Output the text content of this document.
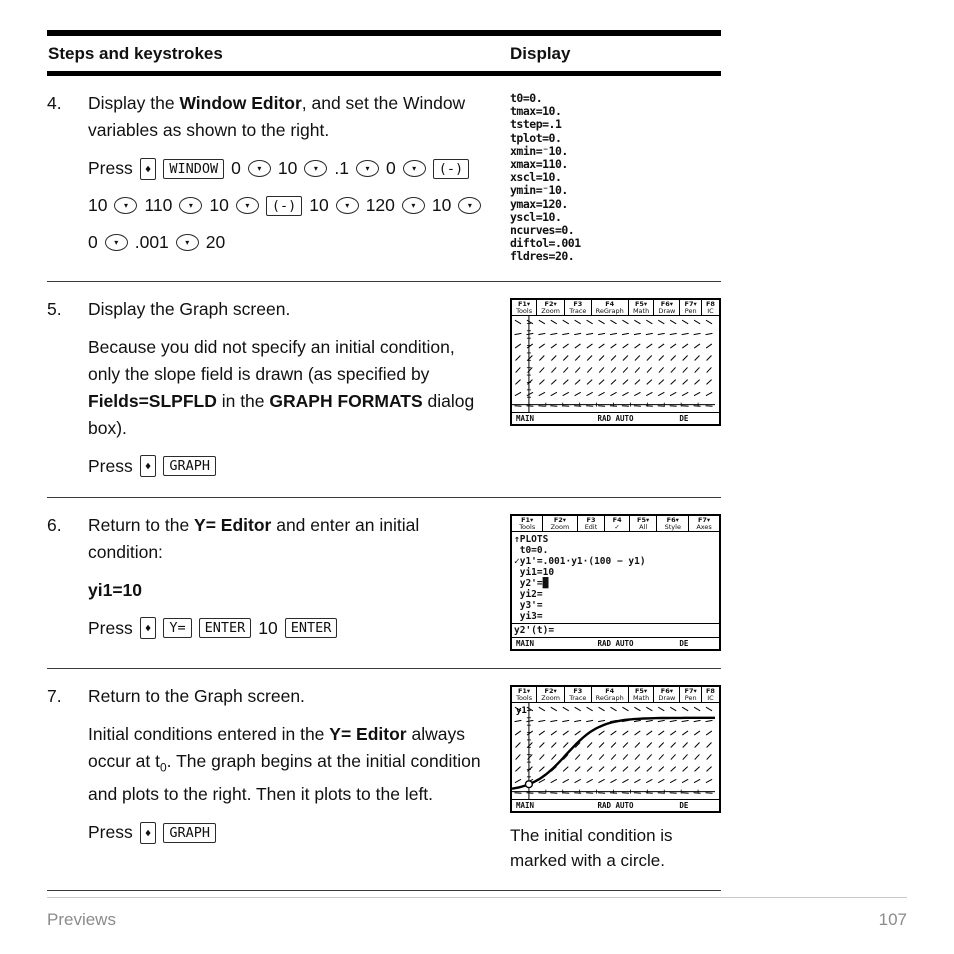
Steps and keystrokes	Display
4.	Display the Window Editor, and set the Window variables as shown to the right.

Press	♦	WINDOW 0	▾ 10	▾ .1	▾ 0	▾	(-)
10	▾ 110	▾ 10	▾	(-) 10	▾ 120	▾ 10	▾
0	▾ .001	▾ 20
t0=0.
tmax=10.
tstep=.1
tplot=0.
xmin=⁻10.
xmax=110.
xscl=10.
ymin=⁻10.
ymax=120.
yscl=10.
ncurves=0.
diftol=.001
fldres=20.
5.	Display the Graph screen.

Because you did not specify an initial condition, only the slope field is drawn (as specified by Fields=SLPFLD in the GRAPH FORMATS dialog box).

Press	♦	GRAPH
F1▾
Tools
F2▾
Zoom
F3
Trace
F4
ReGraph
F5▾
Math
F6▾
Draw
F7▾
Pen
F8
IC
MAIN	RAD AUTO	DE
6.	Return to the Y= Editor and enter an initial condition:

yi1=10

Press	♦	Y=	ENTER 10 ENTER
F1▾
Tools
F2▾
Zoom
F3
Edit
F4
✓
F5▾
All
F6▾
Style
F7▾
Axes
↑PLOTS
t0=0.
✓y1'=.001·y1·(100 − y1)
yi1=10
y2'=█
yi2=
y3'=
yi3=
y2'(t)=
MAIN	RAD AUTO	DE
7.	Return to the Graph screen.

Initial conditions entered in the Y= Editor always occur at $t_0$. The graph begins at the initial condition and plots to the right. Then it plots to the left.

Press	♦	GRAPH
F1▾
Tools
F2▾
Zoom
F3
Trace
F4
ReGraph
F5▾
Math
F6▾
Draw
F7▾
Pen
F8
IC
y1
MAIN	RAD AUTO	DE
The initial condition is marked with a circle.
Previews	107
